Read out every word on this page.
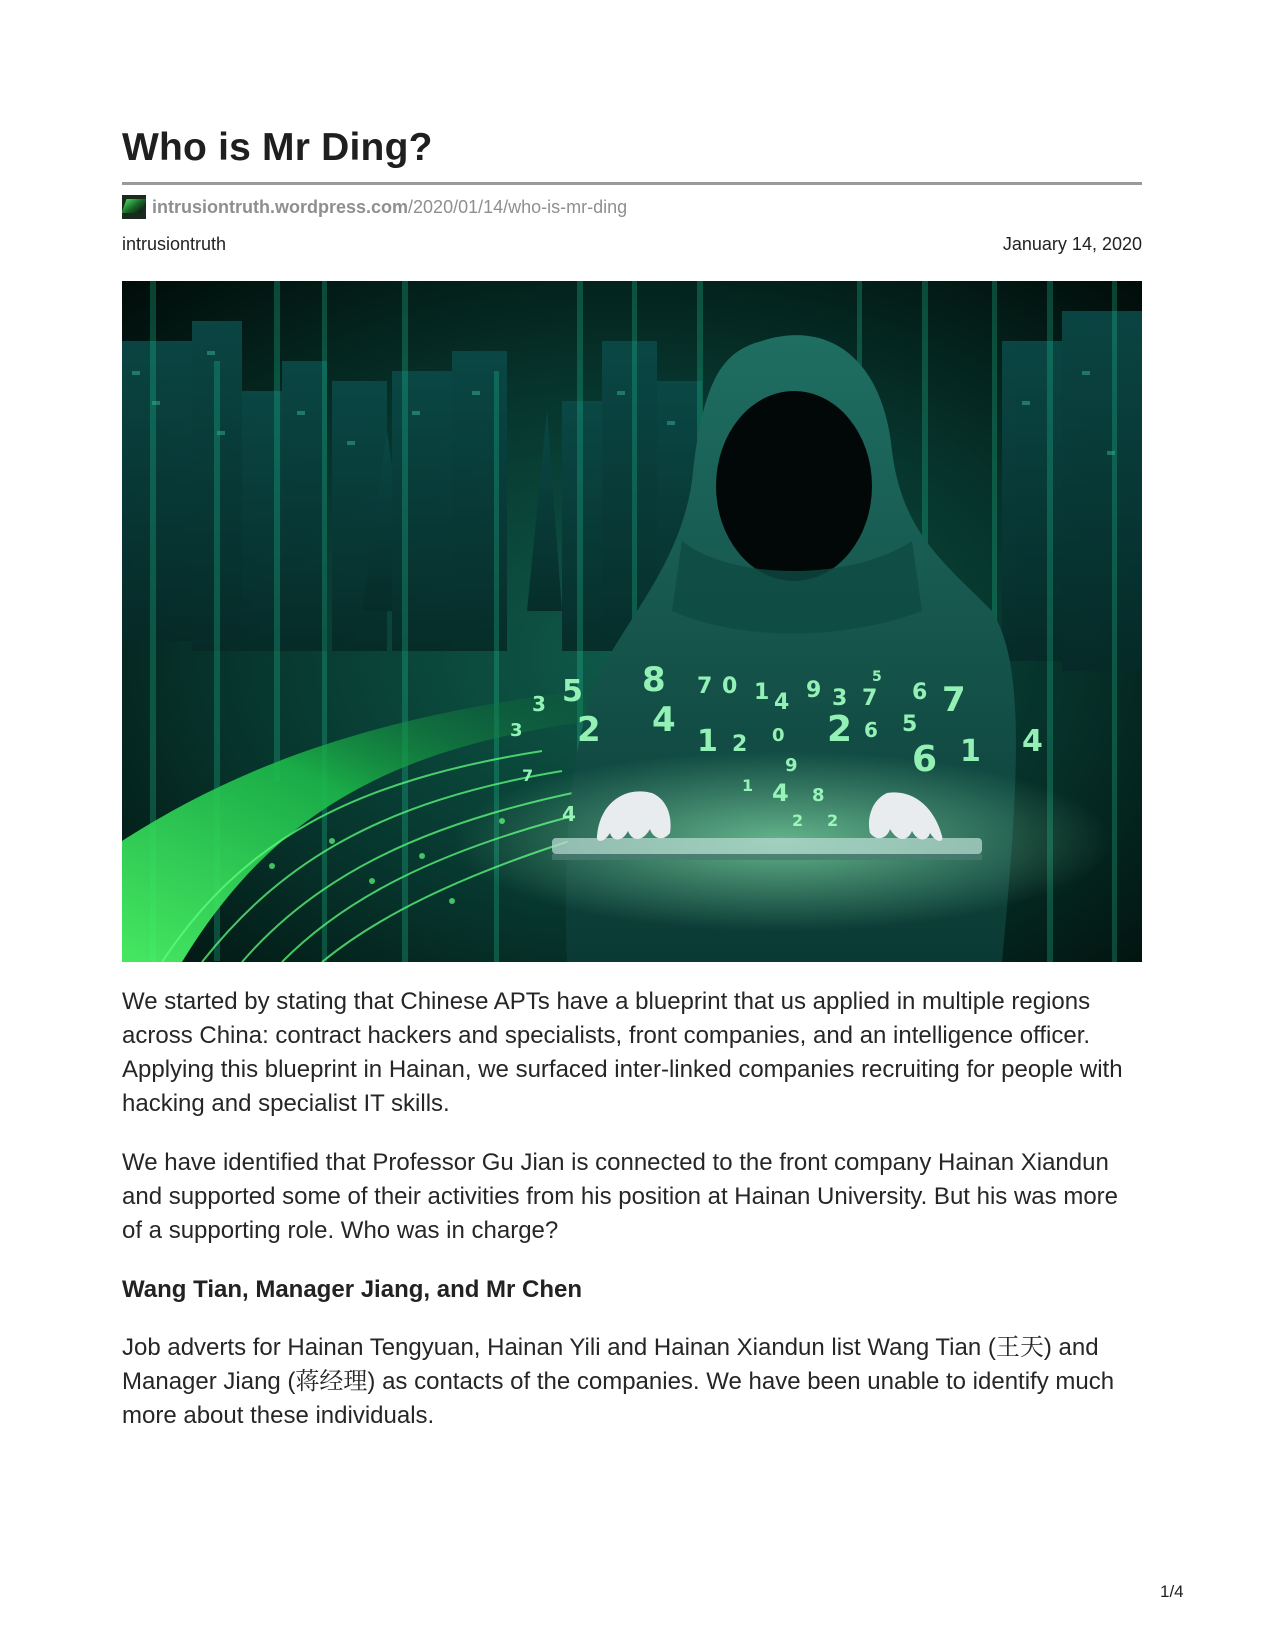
Who is Mr Ding?
intrusiontruth.wordpress.com /2020/01/14/who-is-mr-ding
intrusiontruth	January 14, 2020
3 5 8 7 0 1 4 9 3 7 6 7
5
2 4
3	1 2 0 2 6 5
6 1 4
4
1	8
9
4	2
7
2

We started by stating that Chinese APTs have a blueprint that us applied in multiple regions across China: contract hackers and specialists, front companies, and an intelligence officer. Applying this blueprint in Hainan, we surfaced inter-linked companies recruiting for people with hacking and specialist IT skills.

We have identified that Professor Gu Jian is connected to the front company Hainan Xiandun and supported some of their activities from his position at Hainan University. But his was more of a supporting role. Who was in charge?

Wang Tian, Manager Jiang, and Mr Chen

Job adverts for Hainan Tengyuan, Hainan Yili and Hainan Xiandun list Wang Tian (王天) and Manager Jiang (蒋经理) as contacts of the companies. We have been unable to identify much more about these individuals.

1/4
